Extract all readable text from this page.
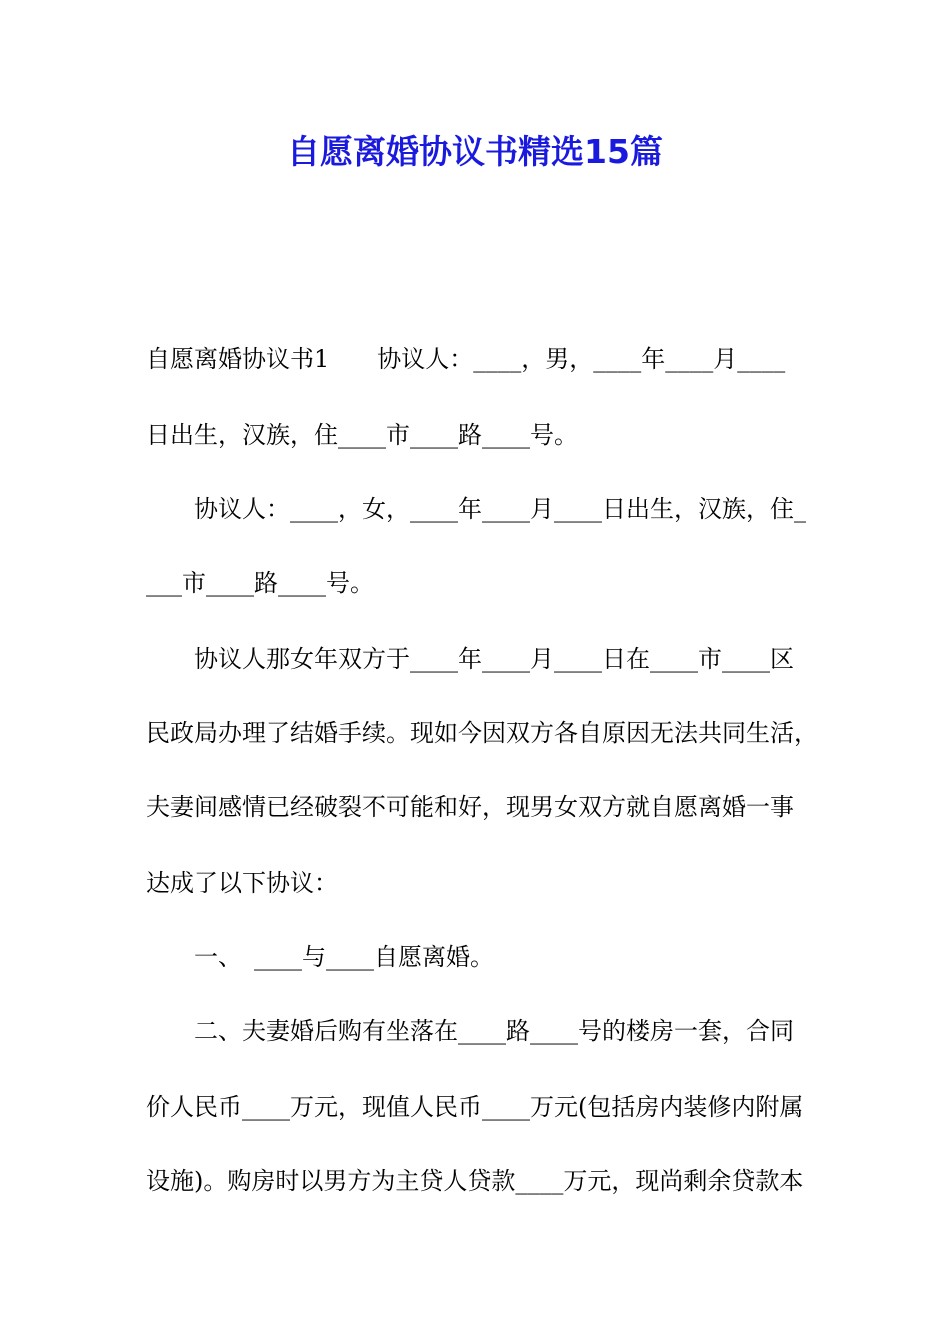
自愿离婚协议书精选15篇

自愿离婚协议书1　　协议人：____，男，____年____月____

日出生，汉族，住____市____路____号。

　　协议人：____，女，____年____月____日出生，汉族，住_

___市____路____号。

　　协议人那女年双方于____年____月____日在____市____区

民政局办理了结婚手续。现如今因双方各自原因无法共同生活，

夫妻间感情已经破裂不可能和好，现男女双方就自愿离婚一事

达成了以下协议：

　　一、　____与____自愿离婚。

　　二、夫妻婚后购有坐落在____路____号的楼房一套，合同

价人民币____万元，现值人民币____万元(包括房内装修内附属

设施)。购房时以男方为主贷人贷款____万元，现尚剩余贷款本
